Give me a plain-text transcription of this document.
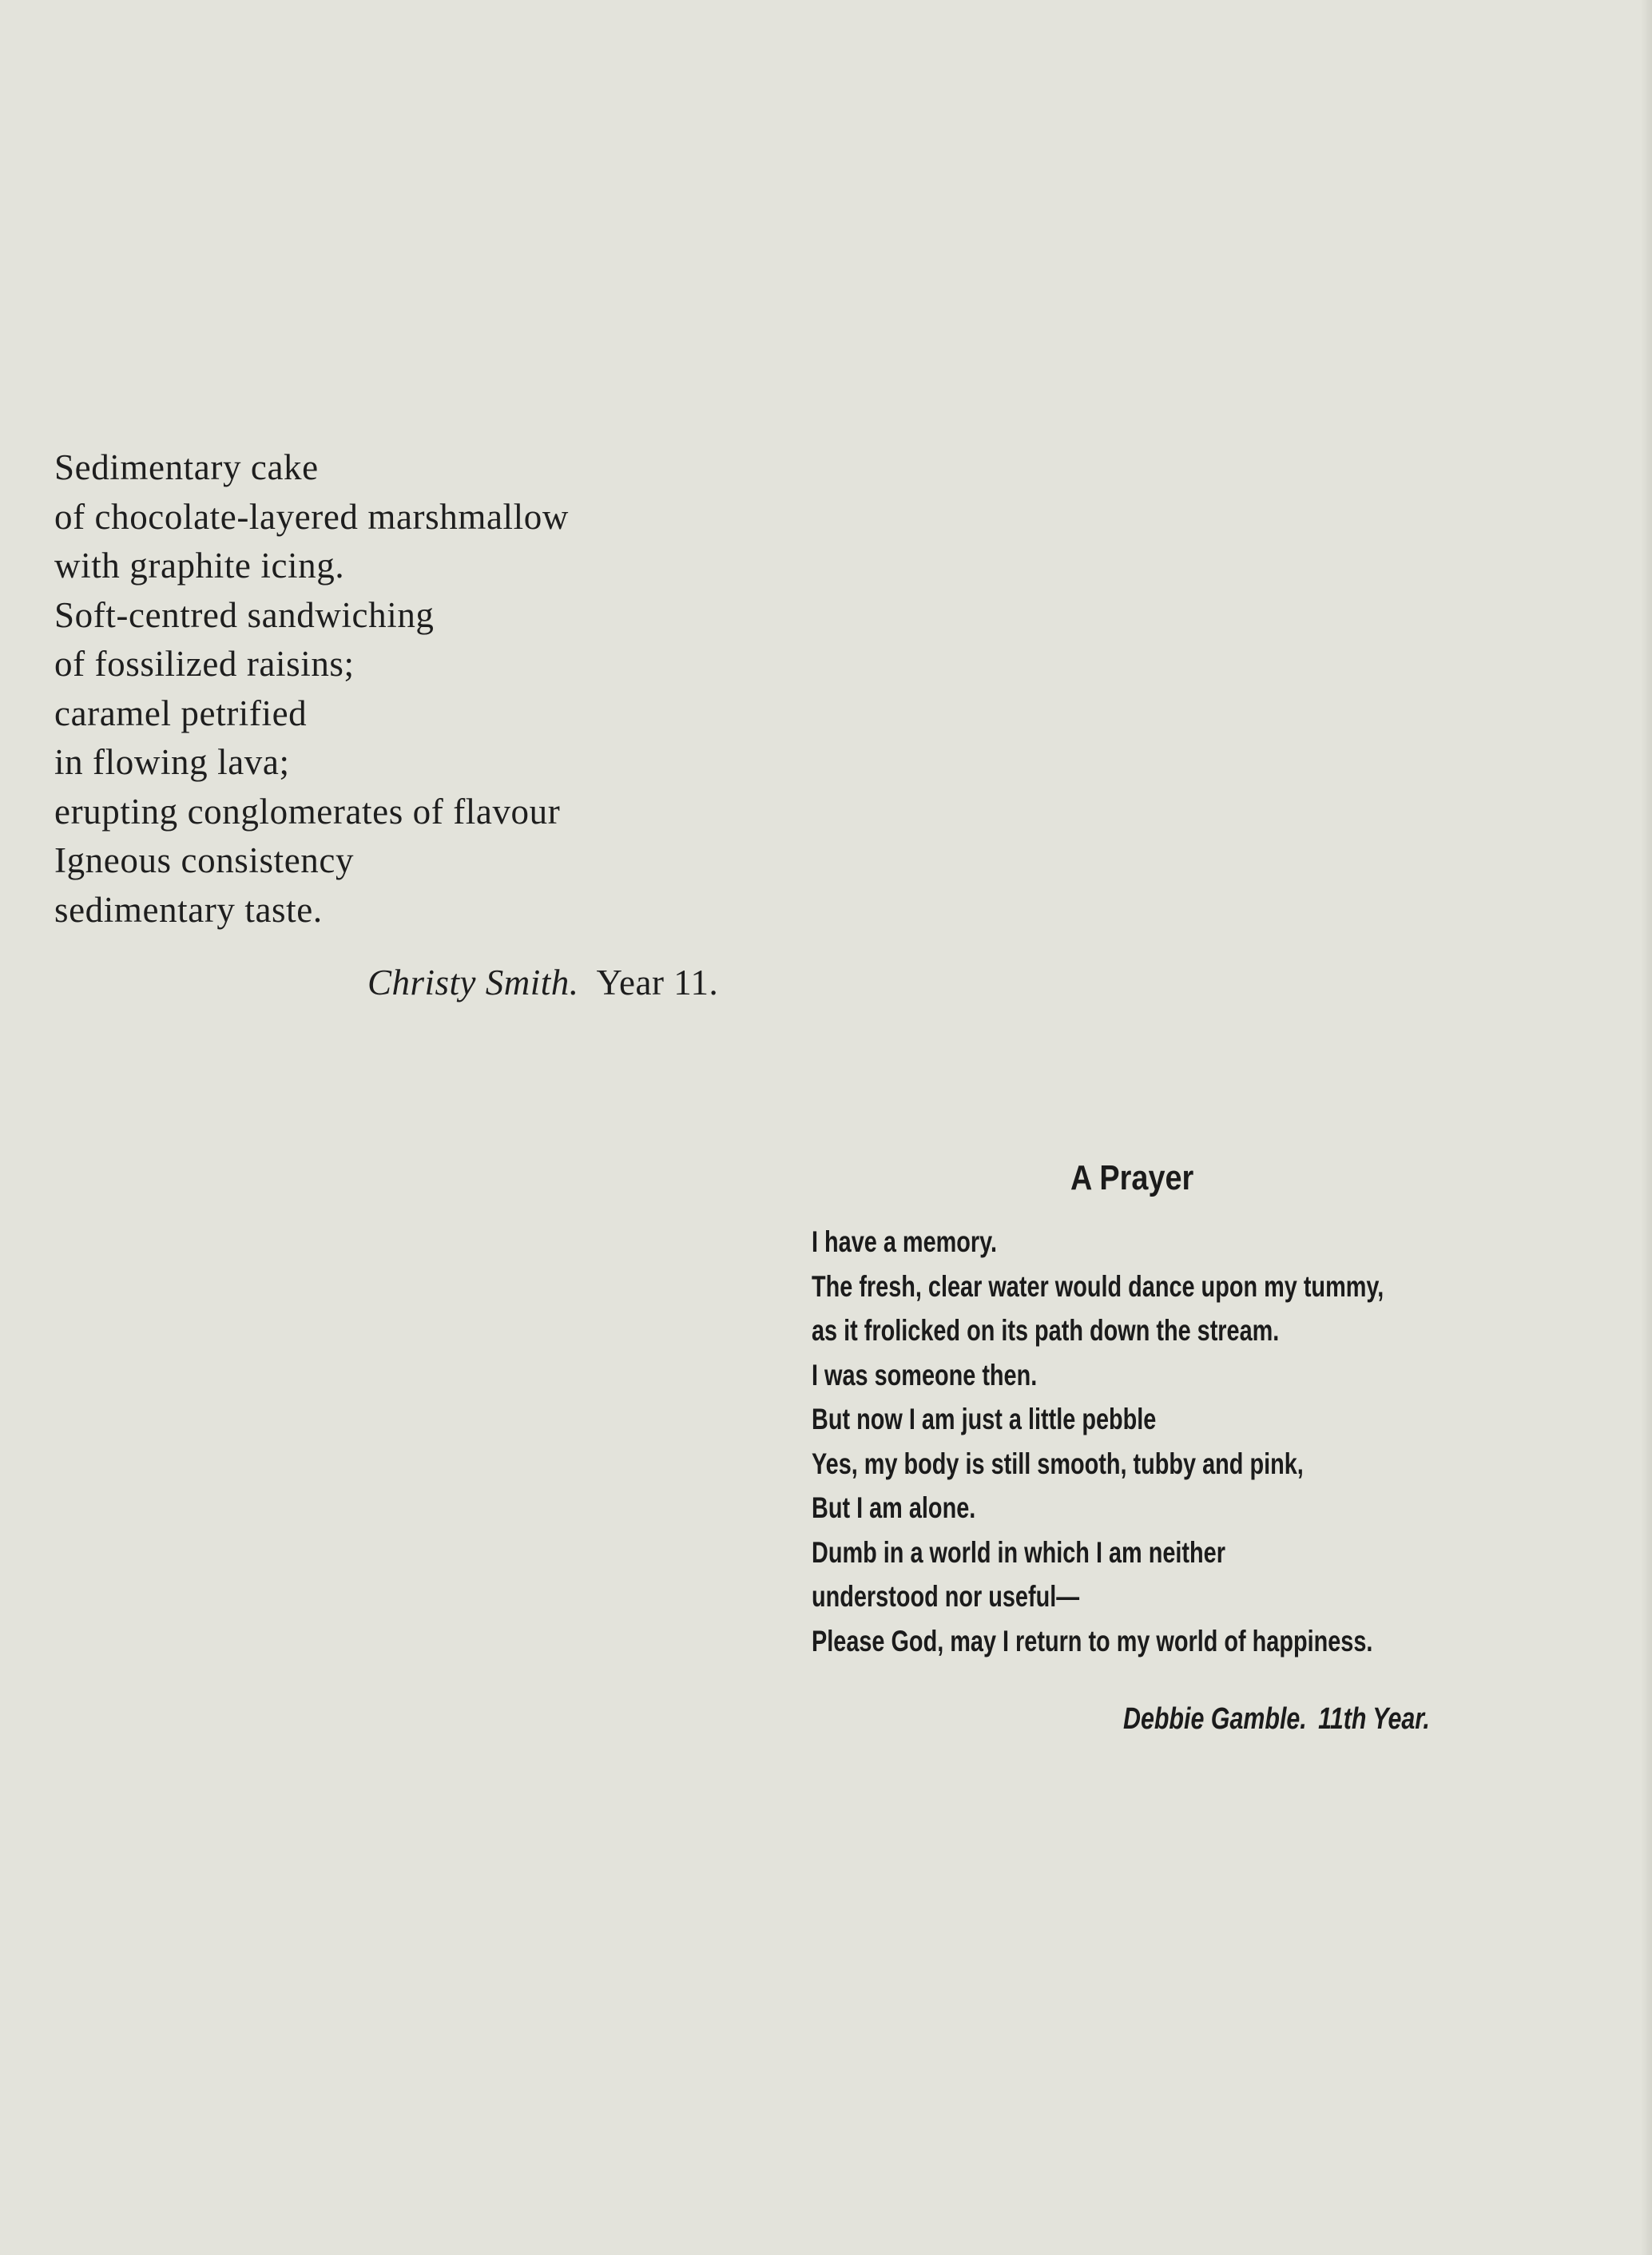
Sedimentary cake
of chocolate-layered marshmallow
with graphite icing.
Soft-centred sandwiching
of fossilized raisins;
caramel petrified
in flowing lava;
erupting conglomerates of flavour
Igneous consistency
sedimentary taste.
Christy Smith. Year 11.
A Prayer
I have a memory.
The fresh, clear water would dance upon my tummy,
as it frolicked on its path down the stream.
I was someone then.
But now I am just a little pebble
Yes, my body is still smooth, tubby and pink,
But I am alone.
Dumb in a world in which I am neither
understood nor useful—
Please God, may I return to my world of happiness.
Debbie Gamble. 11th Year.
